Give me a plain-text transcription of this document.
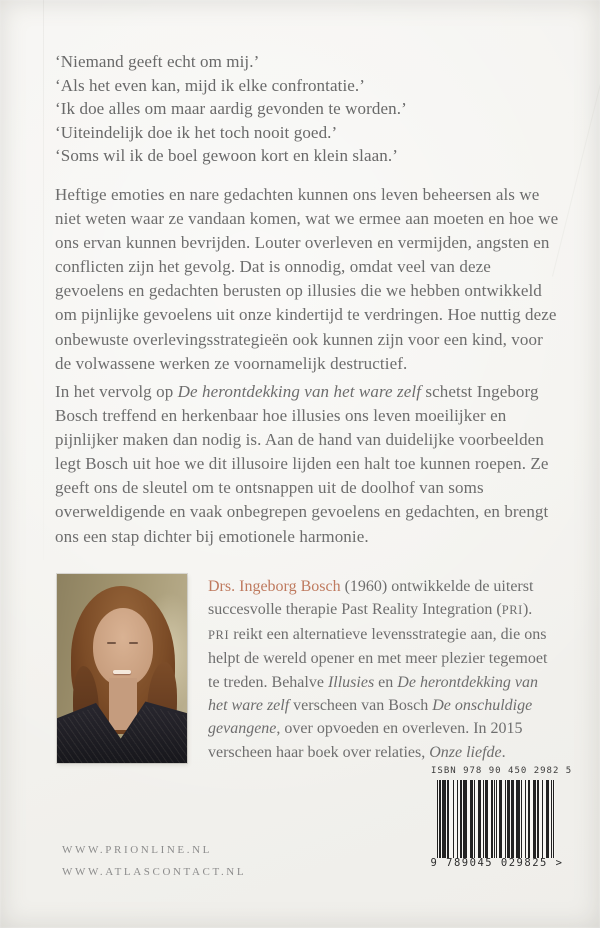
‘Niemand geeft echt om mij.’
‘Als het even kan, mijd ik elke confrontatie.’
‘Ik doe alles om maar aardig gevonden te worden.’
‘Uiteindelijk doe ik het toch nooit goed.’
‘Soms wil ik de boel gewoon kort en klein slaan.’
Heftige emoties en nare gedachten kunnen ons leven beheersen als we niet weten waar ze vandaan komen, wat we ermee aan moeten en hoe we ons ervan kunnen bevrijden. Louter overleven en vermijden, angsten en conflicten zijn het gevolg. Dat is onnodig, omdat veel van deze gevoelens en gedachten berusten op illusies die we hebben ontwikkeld om pijnlijke gevoelens uit onze kindertijd te verdringen. Hoe nuttig deze onbewuste overlevingsstrategieën ook kunnen zijn voor een kind, voor de volwassene werken ze voornamelijk destructief.
In het vervolg op De herontdekking van het ware zelf schetst Ingeborg Bosch treffend en herkenbaar hoe illusies ons leven moeilijker en pijnlijker maken dan nodig is. Aan de hand van duidelijke voorbeelden legt Bosch uit hoe we dit illusoire lijden een halt toe kunnen roepen. Ze geeft ons de sleutel om te ontsnappen uit de doolhof van soms overweldigende en vaak onbegrepen gevoelens en gedachten, en brengt ons een stap dichter bij emotionele harmonie.
Drs. Ingeborg Bosch (1960) ontwikkelde de uiterst succesvolle therapie Past Reality Integration (PRI). PRI reikt een alternatieve levensstrategie aan, die ons helpt de wereld opener en met meer plezier tegemoet te treden. Behalve Illusies en De herontdekking van het ware zelf verscheen van Bosch De onschuldige gevangene, over opvoeden en overleven. In 2015 verscheen haar boek over relaties, Onze liefde.
ISBN 978 90 450 2982 5
9 789045 029825 >
WWW.PRIONLINE.NL
WWW.ATLASCONTACT.NL
